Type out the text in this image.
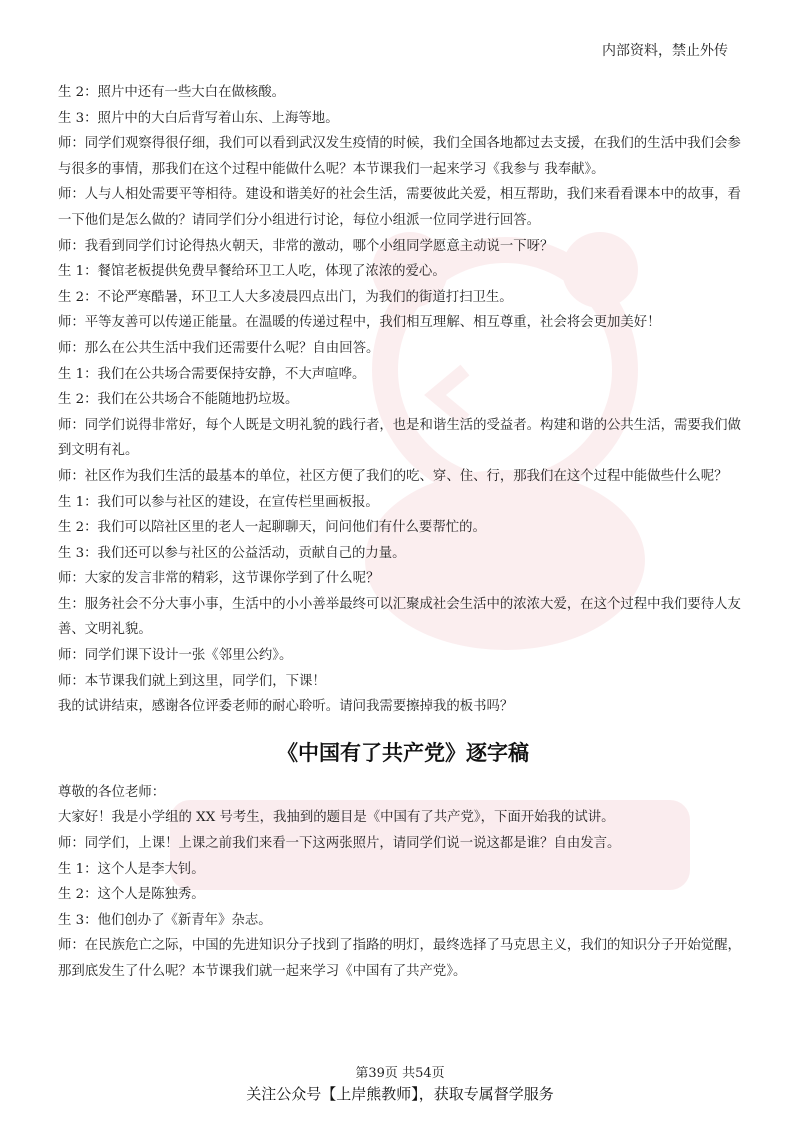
内部资料，禁止外传

生 2：照片中还有一些大白在做核酸。

生 3：照片中的大白后背写着山东、上海等地。

师：同学们观察得很仔细，我们可以看到武汉发生疫情的时候，我们全国各地都过去支援，在我们的生活中我们会参与很多的事情，那我们在这个过程中能做什么呢？本节课我们一起来学习《我参与 我奉献》。

师：人与人相处需要平等相待。建设和谐美好的社会生活，需要彼此关爱，相互帮助，我们来看看课本中的故事，看一下他们是怎么做的？请同学们分小组进行讨论，每位小组派一位同学进行回答。

师：我看到同学们讨论得热火朝天，非常的激动，哪个小组同学愿意主动说一下呀？

生 1：餐馆老板提供免费早餐给环卫工人吃，体现了浓浓的爱心。

生 2：不论严寒酷暑，环卫工人大多凌晨四点出门，为我们的街道打扫卫生。

师：平等友善可以传递正能量。在温暖的传递过程中，我们相互理解、相互尊重，社会将会更加美好！

师：那么在公共生活中我们还需要什么呢？自由回答。

生 1：我们在公共场合需要保持安静，不大声喧哗。

生 2：我们在公共场合不能随地扔垃圾。

师：同学们说得非常好，每个人既是文明礼貌的践行者，也是和谐生活的受益者。构建和谐的公共生活，需要我们做到文明有礼。

师：社区作为我们生活的最基本的单位，社区方便了我们的吃、穿、住、行，那我们在这个过程中能做些什么呢？

生 1：我们可以参与社区的建设，在宣传栏里画板报。

生 2：我们可以陪社区里的老人一起聊聊天，问问他们有什么要帮忙的。

生 3：我们还可以参与社区的公益活动，贡献自己的力量。

师：大家的发言非常的精彩，这节课你学到了什么呢？

生：服务社会不分大事小事，生活中的小小善举最终可以汇聚成社会生活中的浓浓大爱，在这个过程中我们要待人友善、文明礼貌。

师：同学们课下设计一张《邻里公约》。

师：本节课我们就上到这里，同学们，下课！

我的试讲结束，感谢各位评委老师的耐心聆听。请问我需要擦掉我的板书吗？

《中国有了共产党》逐字稿

尊敬的各位老师：

大家好！我是小学组的 XX 号考生，我抽到的题目是《中国有了共产党》，下面开始我的试讲。

师：同学们，上课！上课之前我们来看一下这两张照片，请同学们说一说这都是谁？自由发言。

生 1：这个人是李大钊。

生 2：这个人是陈独秀。

生 3：他们创办了《新青年》杂志。

师：在民族危亡之际，中国的先进知识分子找到了指路的明灯，最终选择了马克思主义，我们的知识分子开始觉醒，那到底发生了什么呢？本节课我们就一起来学习《中国有了共产党》。

第39页 共54页
关注公众号【上岸熊教师】，获取专属督学服务
